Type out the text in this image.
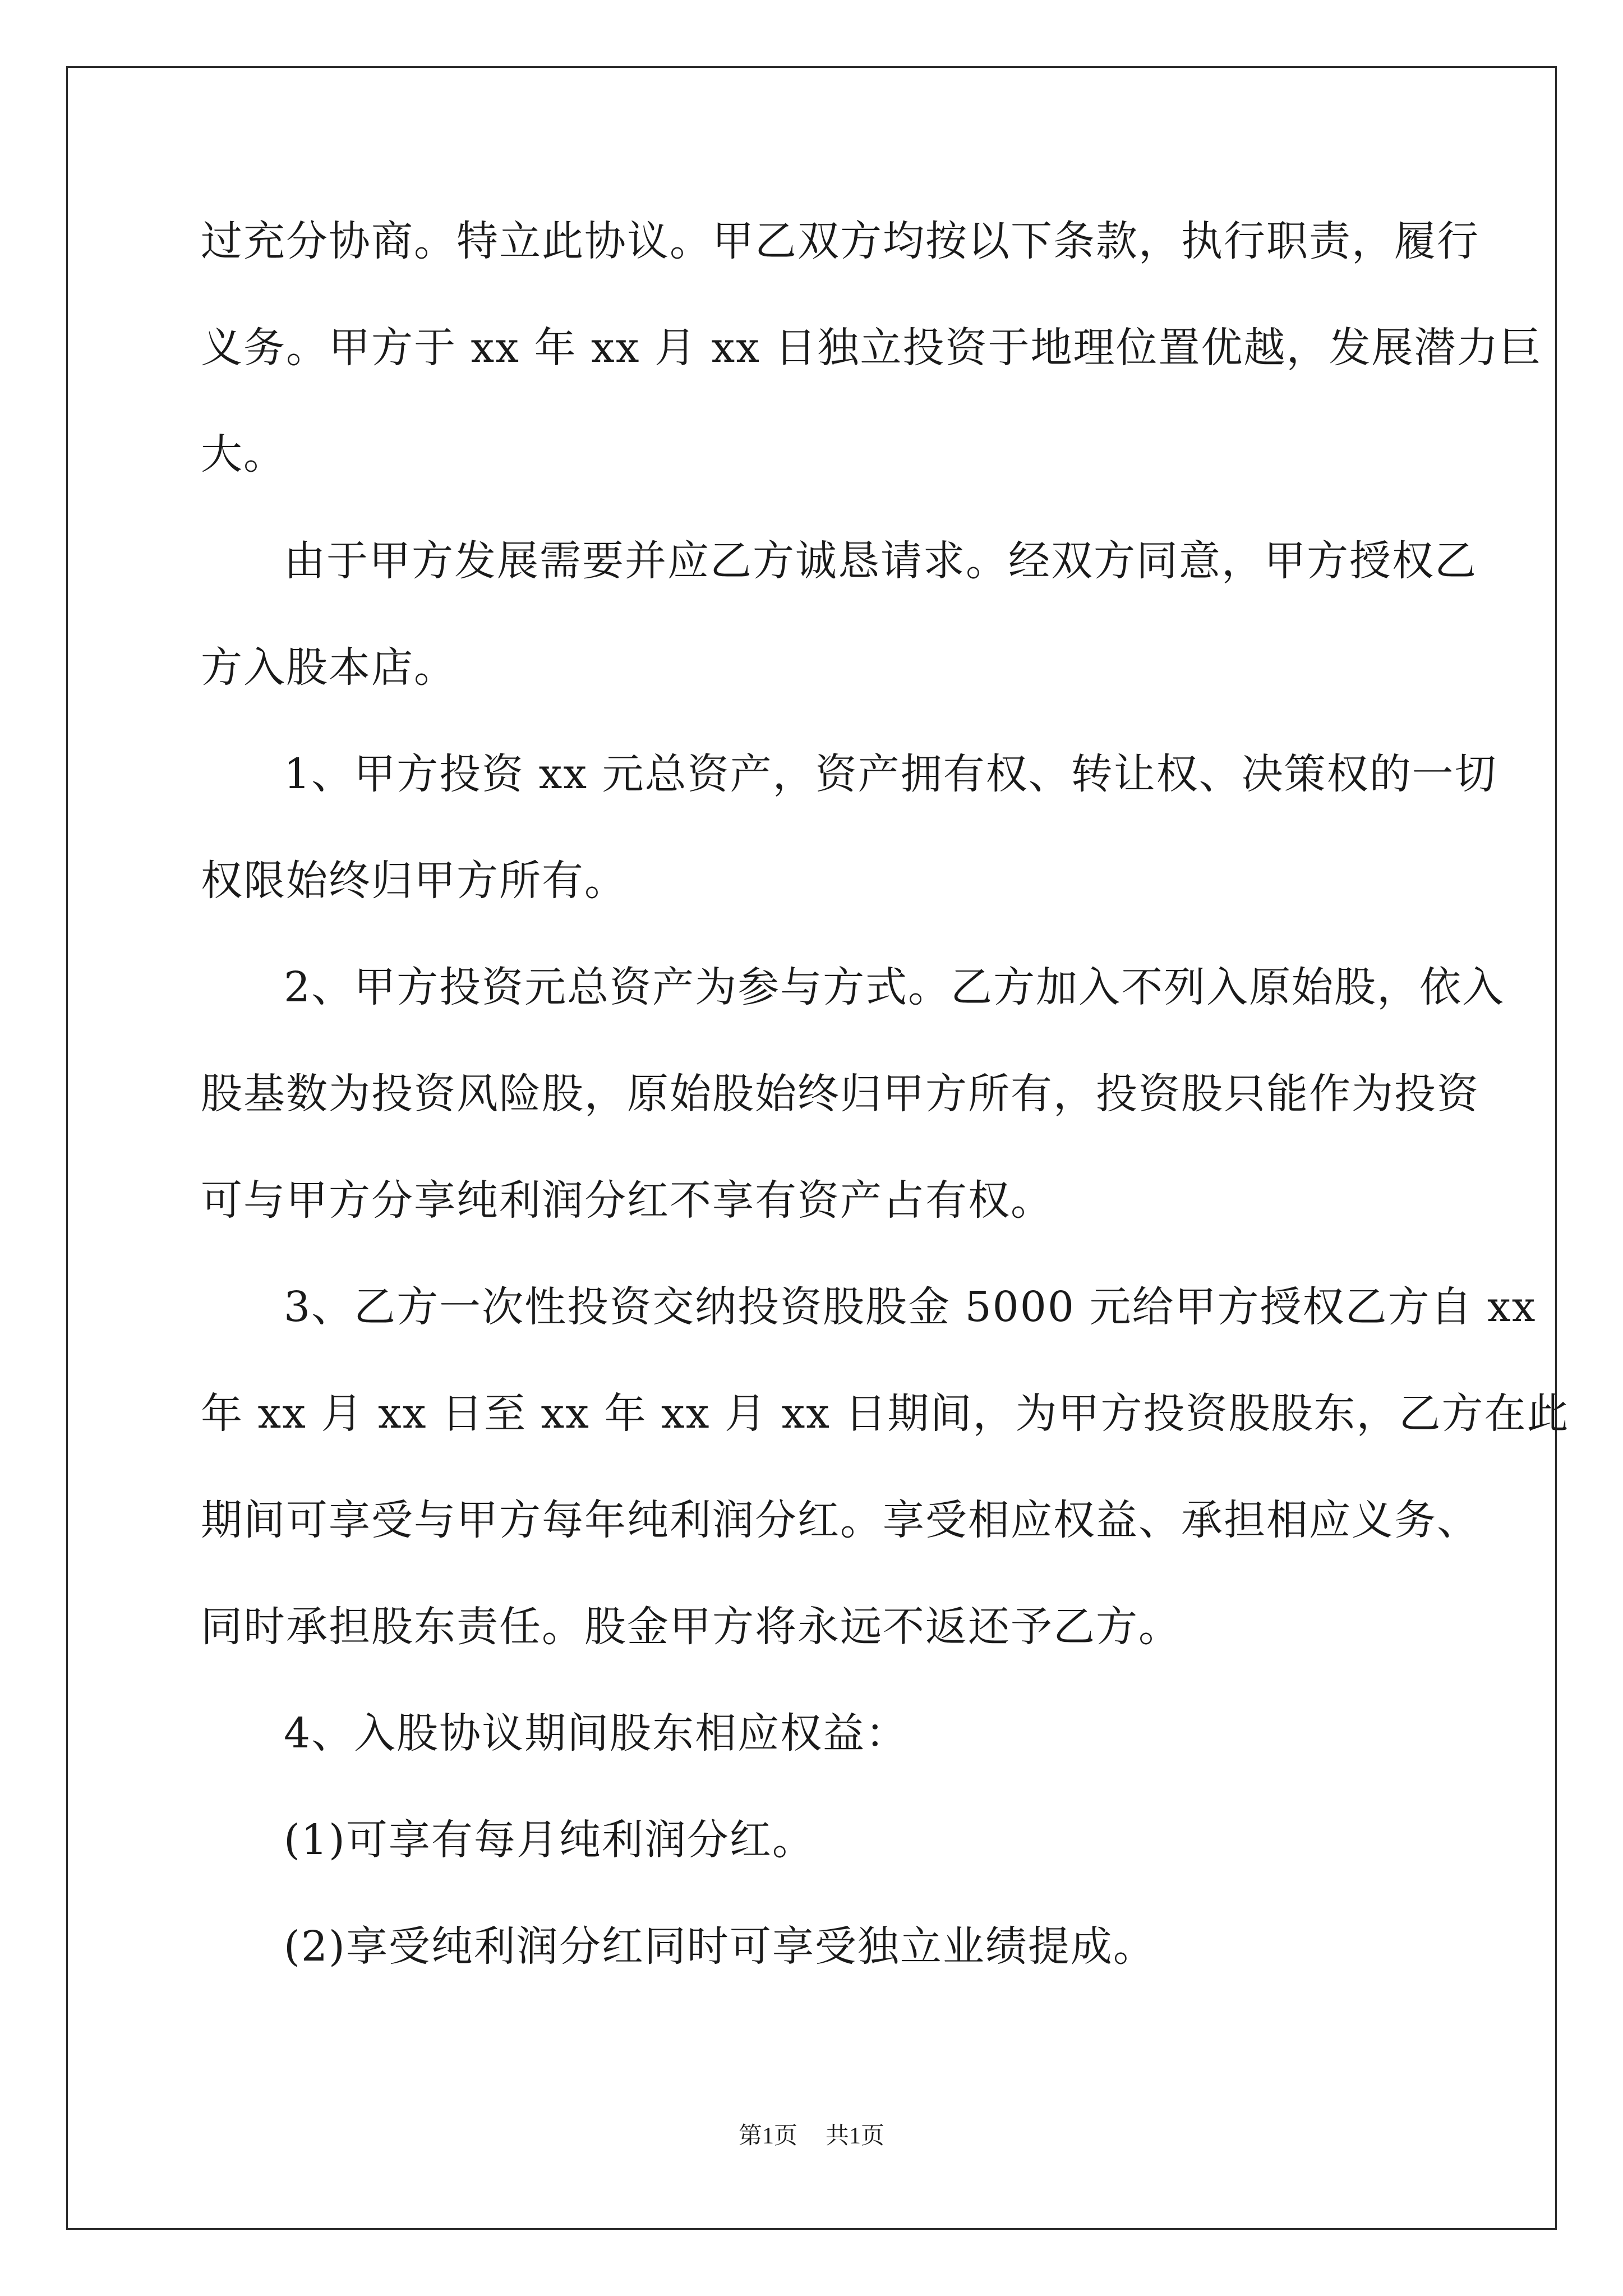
过充分协商。特立此协议。甲乙双方均按以下条款，执行职责，履行
义务。甲方于 xx 年 xx 月 xx 日独立投资于地理位置优越，发展潜力巨
大。
由于甲方发展需要并应乙方诚恳请求。经双方同意，甲方授权乙
方入股本店。
1、甲方投资 xx 元总资产，资产拥有权、转让权、决策权的一切
权限始终归甲方所有。
2、甲方投资元总资产为参与方式。乙方加入不列入原始股，依入
股基数为投资风险股，原始股始终归甲方所有，投资股只能作为投资
可与甲方分享纯利润分红不享有资产占有权。
3、乙方一次性投资交纳投资股股金 5000 元给甲方授权乙方自 xx
年 xx 月 xx 日至 xx 年 xx 月 xx 日期间，为甲方投资股股东，乙方在此
期间可享受与甲方每年纯利润分红。享受相应权益、承担相应义务、
同时承担股东责任。股金甲方将永远不返还予乙方。
4、入股协议期间股东相应权益：
(1)可享有每月纯利润分红。
(2)享受纯利润分红同时可享受独立业绩提成。
第1页 共1页
